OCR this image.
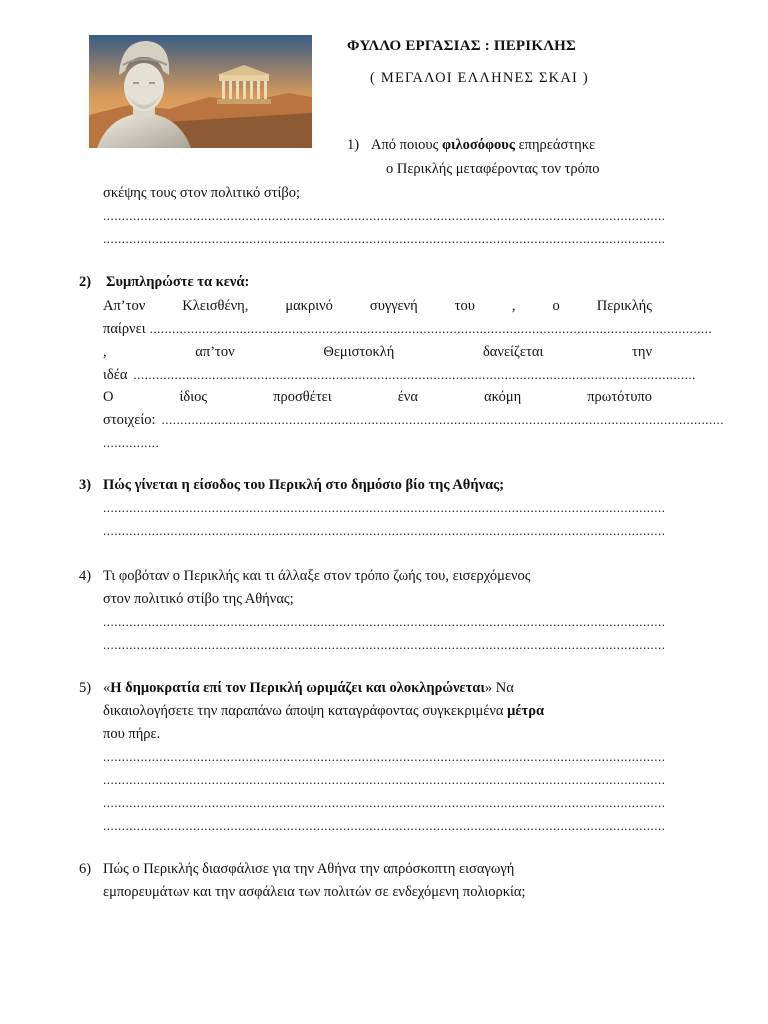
ΦΥΛΛΟ ΕΡΓΑΣΙΑΣ : ΠΕΡΙΚΛΗΣ
( ΜΕΓΑΛΟΙ ΕΛΛΗΝΕΣ ΣΚΑΙ )
1) Από ποιους φιλοσόφους επηρεάστηκε
ο Περικλής μεταφέροντας τον τρόπο
σκέψης τους στον πολιτικό στίβο;
......................................................................................................................................................
......................................................................................................................................................
2) Συμπληρώστε τα κενά:
Απ’τον	Κλεισθένη,	μακρινό	συγγενή	του	,	ο	Περικλής
παίρνει ......................................................................................................................................................
,	απ’τον	Θεμιστοκλή	δανείζεται	την
ιδέα ......................................................................................................................................................
Ο	ίδιος	προσθέτει	ένα	ακόμη	πρωτότυπο
στοιχείο: ......................................................................................................................................................
...............
3) Πώς γίνεται η είσοδος του Περικλή στο δημόσιο βίο της Αθήνας;
......................................................................................................................................................
......................................................................................................................................................
4) Τι φοβόταν ο Περικλής και τι άλλαξε στον τρόπο ζωής του, εισερχόμενος
στον πολιτικό στίβο της Αθήνας;
......................................................................................................................................................
......................................................................................................................................................
5) «Η δημοκρατία επί τον Περικλή ωριμάζει και ολοκληρώνεται» Να
δικαιολογήσετε την παραπάνω άποψη καταγράφοντας συγκεκριμένα μέτρα
που πήρε.
......................................................................................................................................................
......................................................................................................................................................
......................................................................................................................................................
......................................................................................................................................................
6) Πώς ο Περικλής διασφάλισε για την Αθήνα την απρόσκοπτη εισαγωγή
εμπορευμάτων και την ασφάλεια των πολιτών σε ενδεχόμενη πολιορκία;
